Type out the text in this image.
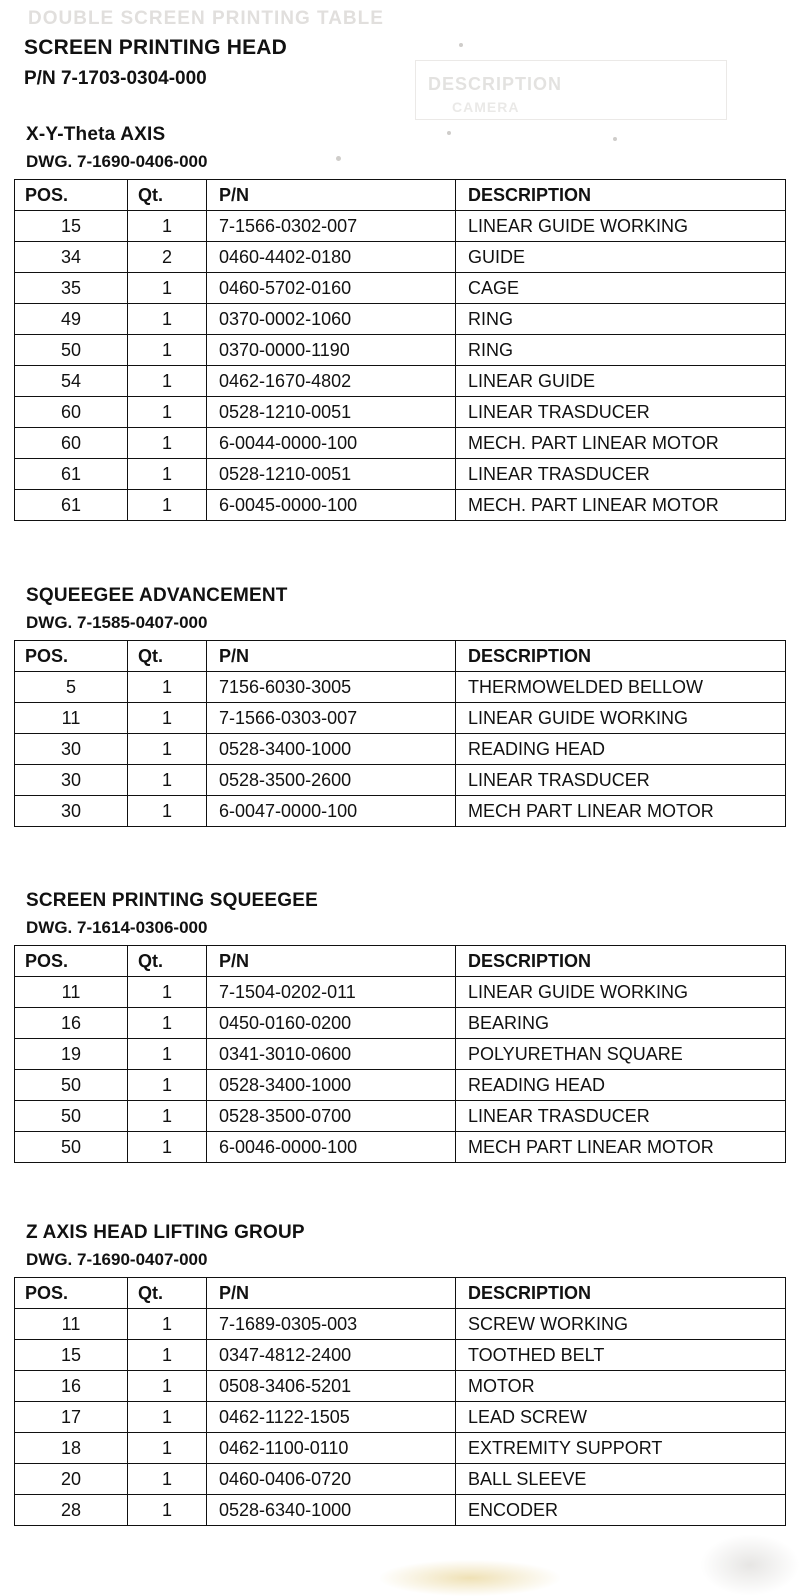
DOUBLE SCREEN PRINTING TABLE
DESCRIPTION
CAMERA
SCREEN PRINTING HEAD
P/N 7-1703-0304-000
X-Y-Theta AXIS
DWG. 7-1690-0406-000
POS.	Qt.	P/N	DESCRIPTION
15	1	7-1566-0302-007	LINEAR GUIDE WORKING
34	2	0460-4402-0180	GUIDE
35	1	0460-5702-0160	CAGE
49	1	0370-0002-1060	RING
50	1	0370-0000-1190	RING
54	1	0462-1670-4802	LINEAR GUIDE
60	1	0528-1210-0051	LINEAR TRASDUCER
60	1	6-0044-0000-100	MECH. PART LINEAR MOTOR
61	1	0528-1210-0051	LINEAR TRASDUCER
61	1	6-0045-0000-100	MECH. PART LINEAR MOTOR
SQUEEGEE ADVANCEMENT
DWG. 7-1585-0407-000
POS.	Qt.	P/N	DESCRIPTION
5	1	7156-6030-3005	THERMOWELDED BELLOW
11	1	7-1566-0303-007	LINEAR GUIDE WORKING
30	1	0528-3400-1000	READING HEAD
30	1	0528-3500-2600	LINEAR TRASDUCER
30	1	6-0047-0000-100	MECH PART LINEAR MOTOR
SCREEN PRINTING SQUEEGEE
DWG. 7-1614-0306-000
POS.	Qt.	P/N	DESCRIPTION
11	1	7-1504-0202-011	LINEAR GUIDE WORKING
16	1	0450-0160-0200	BEARING
19	1	0341-3010-0600	POLYURETHAN SQUARE
50	1	0528-3400-1000	READING HEAD
50	1	0528-3500-0700	LINEAR TRASDUCER
50	1	6-0046-0000-100	MECH PART LINEAR MOTOR
Z AXIS HEAD LIFTING GROUP
DWG. 7-1690-0407-000
POS.	Qt.	P/N	DESCRIPTION
11	1	7-1689-0305-003	SCREW WORKING
15	1	0347-4812-2400	TOOTHED BELT
16	1	0508-3406-5201	MOTOR
17	1	0462-1122-1505	LEAD SCREW
18	1	0462-1100-0110	EXTREMITY SUPPORT
20	1	0460-0406-0720	BALL SLEEVE
28	1	0528-6340-1000	ENCODER
